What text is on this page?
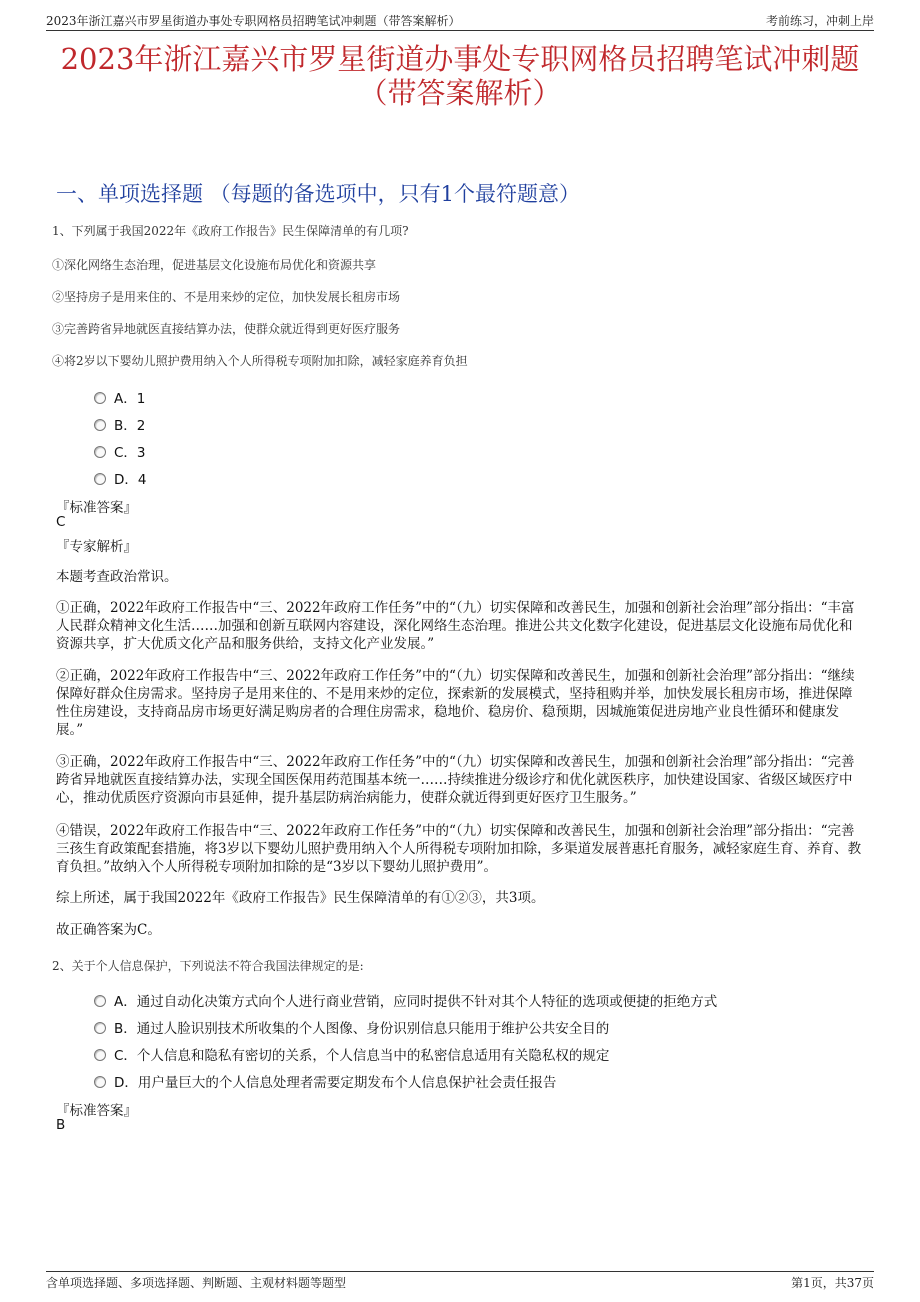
2023年浙江嘉兴市罗星街道办事处专职网格员招聘笔试冲刺题（带答案解析）	考前练习，冲刺上岸
2023年浙江嘉兴市罗星街道办事处专职网格员招聘笔试冲刺题
（带答案解析）
一、单项选择题 （每题的备选项中，只有1个最符题意）
1、下列属于我国2022年《政府工作报告》民生保障清单的有几项?
①深化网络生态治理，促进基层文化设施布局优化和资源共享
②坚持房子是用来住的、不是用来炒的定位，加快发展长租房市场
③完善跨省异地就医直接结算办法，使群众就近得到更好医疗服务
④将2岁以下婴幼儿照护费用纳入个人所得税专项附加扣除，减轻家庭养育负担
A．1
B．2
C．3
D．4
『标准答案』
C
『专家解析』
本题考查政治常识。
①正确，2022年政府工作报告中“三、2022年政府工作任务”中的“（九）切实保障和改善民生，加强和创新社会治理”部分指出：“丰富人民群众精神文化生活……加强和创新互联网内容建设，深化网络生态治理。推进公共文化数字化建设，促进基层文化设施布局优化和资源共享，扩大优质文化产品和服务供给，支持文化产业发展。”
②正确，2022年政府工作报告中“三、2022年政府工作任务”中的“（九）切实保障和改善民生，加强和创新社会治理”部分指出：“继续保障好群众住房需求。坚持房子是用来住的、不是用来炒的定位，探索新的发展模式，坚持租购并举，加快发展长租房市场，推进保障性住房建设，支持商品房市场更好满足购房者的合理住房需求，稳地价、稳房价、稳预期，因城施策促进房地产业良性循环和健康发展。”
③正确，2022年政府工作报告中“三、2022年政府工作任务”中的“（九）切实保障和改善民生，加强和创新社会治理”部分指出：“完善跨省异地就医直接结算办法，实现全国医保用药范围基本统一……持续推进分级诊疗和优化就医秩序，加快建设国家、省级区域医疗中心，推动优质医疗资源向市县延伸，提升基层防病治病能力，使群众就近得到更好医疗卫生服务。”
④错误，2022年政府工作报告中“三、2022年政府工作任务”中的“（九）切实保障和改善民生，加强和创新社会治理”部分指出：“完善三孩生育政策配套措施，将3岁以下婴幼儿照护费用纳入个人所得税专项附加扣除，多渠道发展普惠托育服务，减轻家庭生育、养育、教育负担。”故纳入个人所得税专项附加扣除的是“3岁以下婴幼儿照护费用”。
综上所述，属于我国2022年《政府工作报告》民生保障清单的有①②③，共3项。
故正确答案为C。
2、关于个人信息保护，下列说法不符合我国法律规定的是:
A．通过自动化决策方式向个人进行商业营销，应同时提供不针对其个人特征的选项或便捷的拒绝方式
B．通过人脸识别技术所收集的个人图像、身份识别信息只能用于维护公共安全目的
C．个人信息和隐私有密切的关系，个人信息当中的私密信息适用有关隐私权的规定
D．用户量巨大的个人信息处理者需要定期发布个人信息保护社会责任报告
『标准答案』
B
含单项选择题、多项选择题、判断题、主观材料题等题型	第1页，共37页
